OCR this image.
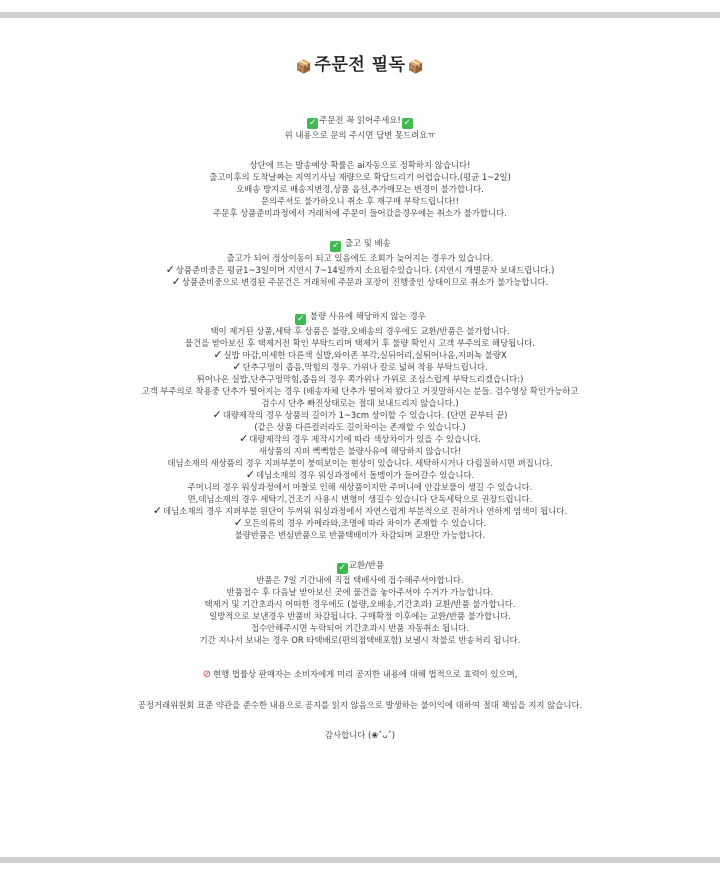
📦 주문전 필독 📦
✓ 주문전 꼭 읽어주세요! ✓
위 내용으로 문의 주시면 답변 못드려요ㅠ
상단에 뜨는 발송예상 확률은 ai자동으로 정확하지 않습니다!
출고이후의 도착날짜는 지역기사님 재량으로 확답드리기 어렵습니다.(평균 1~2일)
오배송 방지로 배송지변경,상품 옵션,추가매모는 변경이 불가합니다.
문의주셔도 불가하오니 취소 후 재구매 부탁드립니다!!
주문후 상품준비과정에서 거래처에 주문이 들어갔을경우에는 취소가 불가합니다.
✓ 출고 및 배송
출고가 되어 정상이동이 되고 있음에도 조회가 늦어지는 경우가 있습니다.
✓상품준비중은 평균1~3일이며 지연시 7~14일까지 소요될수있습니다. (지연시 개별문자 보내드립니다.)
✓상품준비중으로 변경된 주문건은 거래처에 주문과 포장이 진행중인 상태이므로 취소가 불가능합니다.
✓ 불량 사유에 해당하지 않는 경우
택이 제거된 상품,세탁 후 상품은 불량,오배송의 경우에도 교환/반품은 불가합니다.
물건을 받아보신 후 택제거전 확인 부탁드리며 택제거 후 불량 확인시 고객 부주의로 해당됩니다.
✓실밥 마감,미세한 다른색 실밥,와이존 부각,실뒤어리,실튀어나옴,지퍼녹 불량X
✓단추구멍이 좁음,막힘의 경우. 가위나 칼로 넓혀 착용 부탁드립니다.
튀어나온 실밥,단추구멍막힘,좁음의 경우 쪽가위나 가위로 조심스럽게 부탁드리겠습니다:)
고객 부주의로 착용중 단추가 떨어지는 경우 (배송자체 단추가 떨어져 왔다고 거짓말하시는 분들. 검수영상 확인가능하고
검수시 단추 빠진상태로는 절대 보내드리지 않습니다.)
✓대량제작의 경우 상품의 길이가 1~3cm 상이할 수 있습니다. (단면 끝부터 끝)
(같은 상품 다른컬러라도 길이차이는 존재할 수 있습니다.)
✓대량제작의 경우 제작시기에 따라 색상차이가 있을 수 있습니다.
새상품의 지퍼 뻑뻑함은 불량사유에 해당하지 않습니다!
데님소재의 새상품의 경우 지퍼부분이 붕떠보이는 현상이 있습니다. 세탁하시거나 다림질하시면 펴집니다.
✓데님소재의 경우 워싱과정에서 돌멩이가 들어갈수 있습니다.
주머니의 경우 워싱과정에서 마찰로 인해 새상품이지만 주머니에 안감보풀이 생길 수 있습니다.
면,데님소재의 경우 세탁기,건조기 사용시 변형이 생길수 있습니다 단독세탁으로 권장드립니다.
✓데님소재의 경우 지퍼부분 원단이 두꺼워 워싱과정에서 자연스럽게 부분적으로 진하거나 연하게 염색이 됩니다.
✓모든의류의 경우 카메라와,조명에 따라 차이가 존재할 수 있습니다.
불량반품은 변심반품으로 반품택배비가 차감되며 교환만 가능합니다.
✓ 교환/반품
반품은 7일 기간내에 직접 택배사에 접수해주셔야합니다.
반품접수 후 다음날 받아보신 곳에 물건을 놓아주셔야 수거가 가능합니다.
택제거 및 기간초과시 어떠한 경우에도 (불량,오배송,기간초과) 교환/반품 불가합니다.
일방적으로 보낸경우 반품비 차감됩니다. 구매확정 이후에는 교환/반품 불가합니다.
접수안해주시면 누락되어 기간초과시 반품 자동취소 됩니다.
기간 지나서 보내는 경우 OR 타택배로(편의점택배포함) 보낼시 착불로 반송처리 됩니다.
⊘ 현행 법률상 판매자는 소비자에게 미리 공지한 내용에 대해 법적으로 효력이 있으며,
공정거래위원회 표준 약관을 준수한 내용으로 공지를 읽지 않음으로 발생하는 불이익에 대하여 절대 책임을 지지 않습니다.
감사합니다 (❀ˆᴗˆ)
